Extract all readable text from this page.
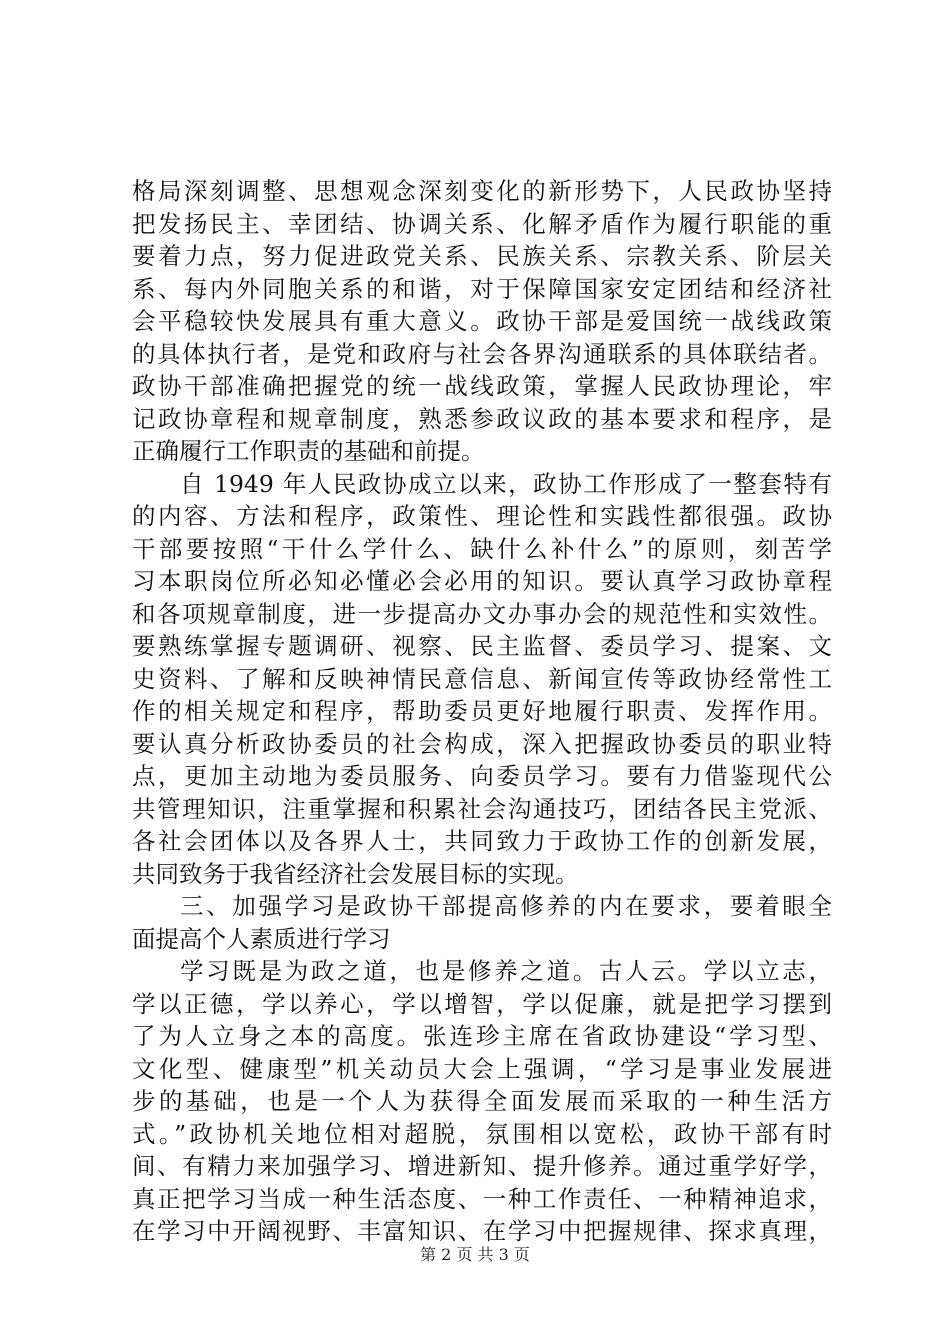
格局深刻调整、思想观念深刻变化的新形势下，人民政协坚持
把发扬民主、幸团结、协调关系、化解矛盾作为履行职能的重
要着力点，努力促进政党关系、民族关系、宗教关系、阶层关
系、每内外同胞关系的和谐，对于保障国家安定团结和经济社
会平稳较快发展具有重大意义。政协干部是爱国统一战线政策
的具体执行者，是党和政府与社会各界沟通联系的具体联结者。
政协干部准确把握党的统一战线政策，掌握人民政协理论，牢
记政协章程和规章制度，熟悉参政议政的基本要求和程序，是
正确履行工作职责的基础和前提。
自 1949 年人民政协成立以来，政协工作形成了一整套特有
的内容、方法和程序，政策性、理论性和实践性都很强。政协
干部要按照“干什么学什么、缺什么补什么”的原则，刻苦学
习本职岗位所必知必懂必会必用的知识。要认真学习政协章程
和各项规章制度，进一步提高办文办事办会的规范性和实效性。
要熟练掌握专题调研、视察、民主监督、委员学习、提案、文
史资料、了解和反映神情民意信息、新闻宣传等政协经常性工
作的相关规定和程序，帮助委员更好地履行职责、发挥作用。
要认真分析政协委员的社会构成，深入把握政协委员的职业特
点，更加主动地为委员服务、向委员学习。要有力借鉴现代公
共管理知识，注重掌握和积累社会沟通技巧，团结各民主党派、
各社会团体以及各界人士，共同致力于政协工作的创新发展，
共同致务于我省经济社会发展目标的实现。
三、加强学习是政协干部提高修养的内在要求，要着眼全
面提高个人素质进行学习
学习既是为政之道，也是修养之道。古人云。学以立志，
学以正德，学以养心，学以增智，学以促廉，就是把学习摆到
了为人立身之本的高度。张连珍主席在省政协建设“学习型、
文化型、健康型”机关动员大会上强调，“学习是事业发展进
步的基础，也是一个人为获得全面发展而采取的一种生活方
式。”政协机关地位相对超脱，氛围相以宽松，政协干部有时
间、有精力来加强学习、增进新知、提升修养。通过重学好学，
真正把学习当成一种生活态度、一种工作责任、一种精神追求，
在学习中开阔视野、丰富知识、在学习中把握规律、探求真理，
第 2 页 共 3 页
